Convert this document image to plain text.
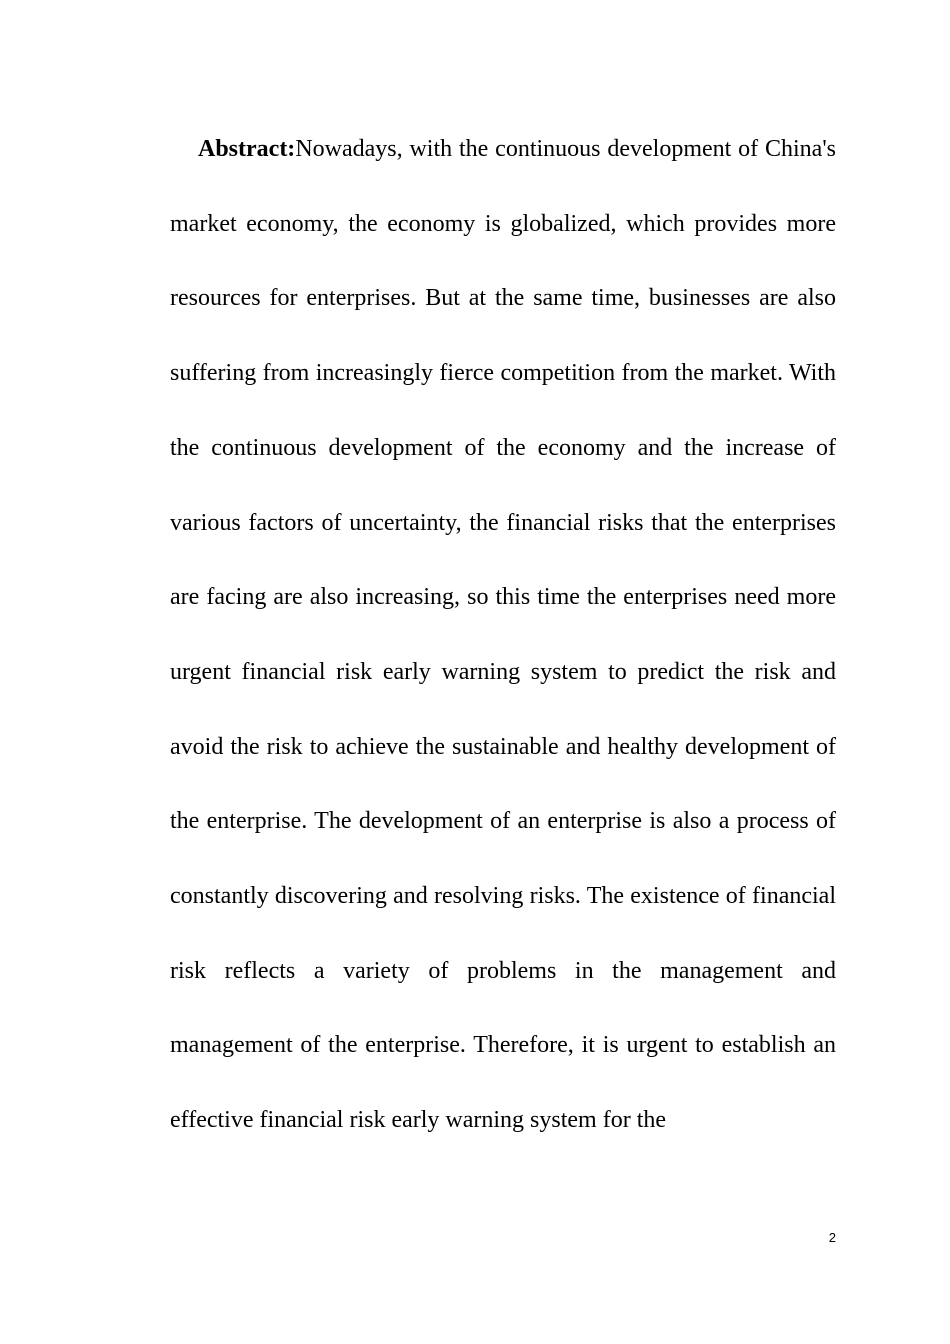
Abstract:Nowadays, with the continuous development of China's market economy, the economy is globalized, which provides more resources for enterprises. But at the same time, businesses are also suffering from increasingly fierce competition from the market. With the continuous development of the economy and the increase of various factors of uncertainty, the financial risks that the enterprises are facing are also increasing, so this time the enterprises need more urgent financial risk early warning system to predict the risk and avoid the risk to achieve the sustainable and healthy development of the enterprise. The development of an enterprise is also a process of constantly discovering and resolving risks. The existence of financial risk reflects a variety of problems in the management and management of the enterprise. Therefore, it is urgent to establish an effective financial risk early warning system for the

2
